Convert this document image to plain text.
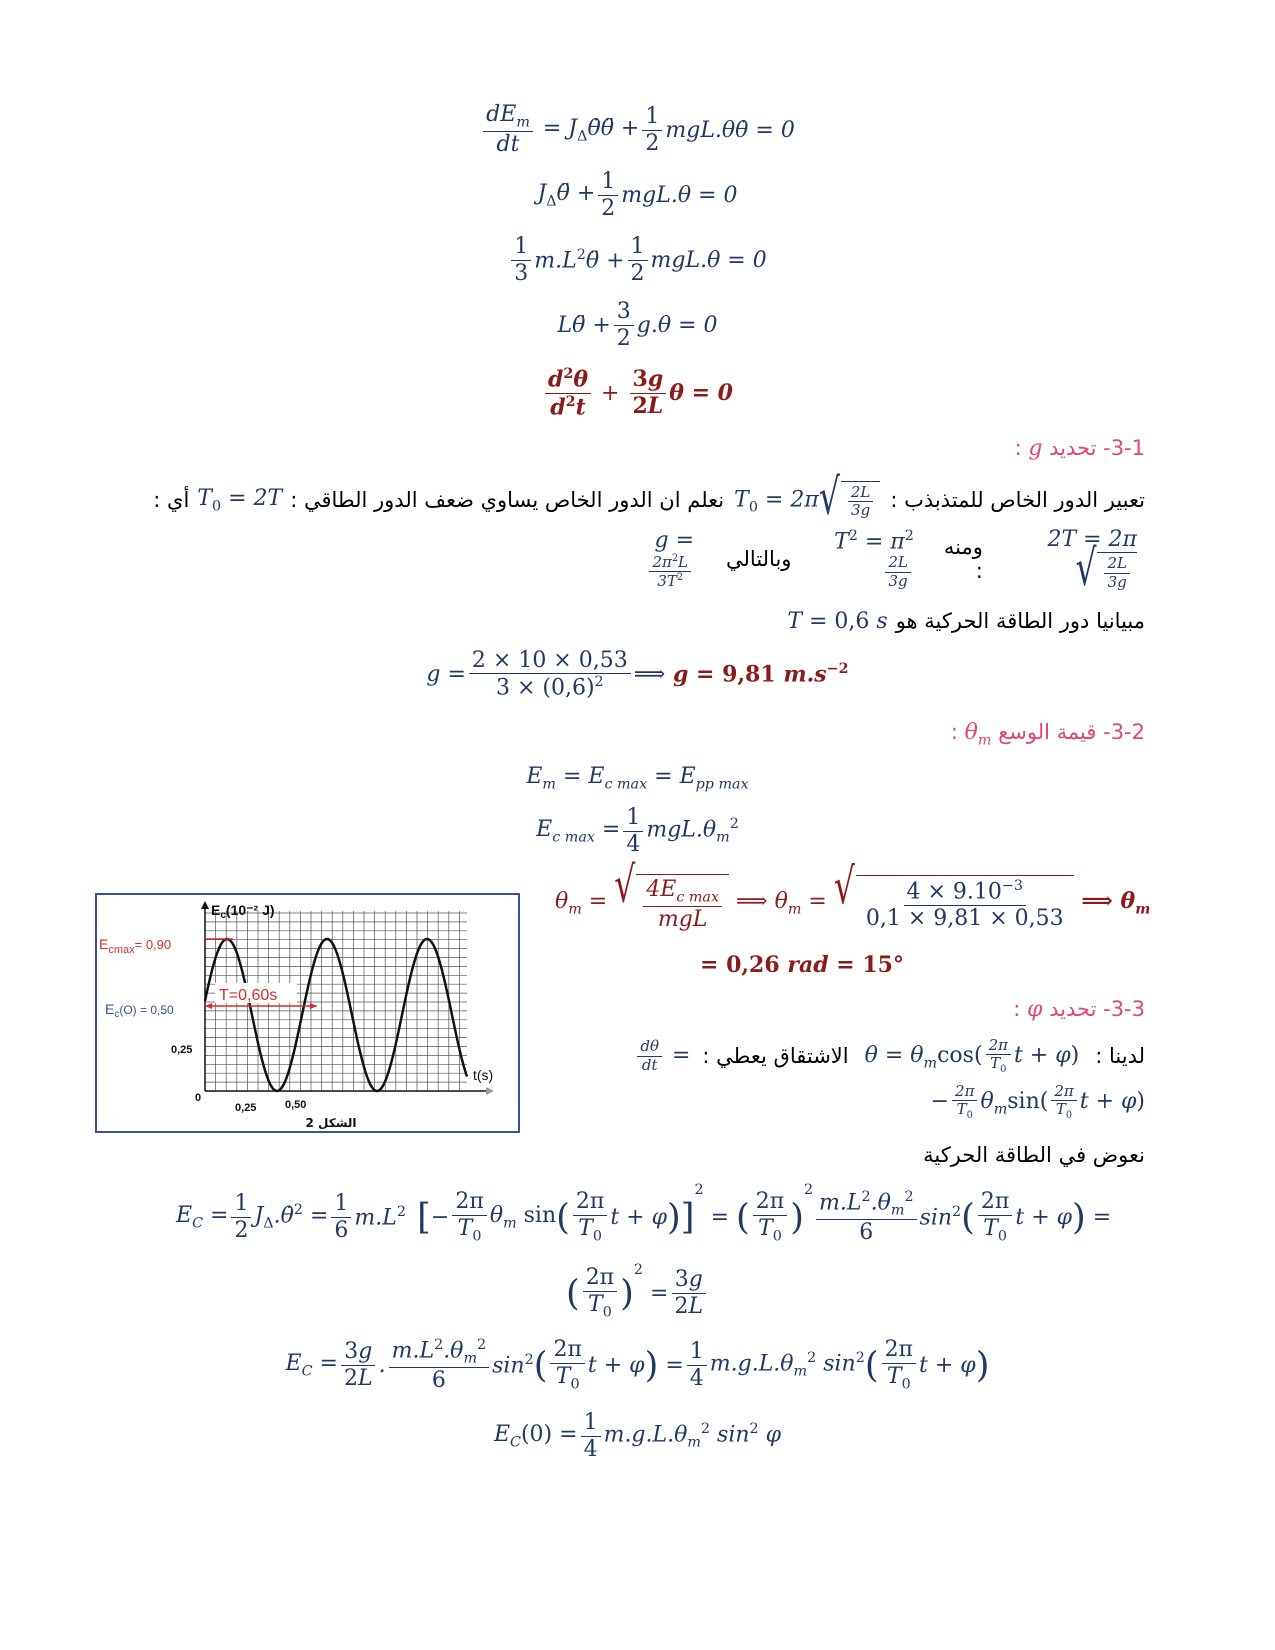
$\frac{dE_m}{dt}$ = $J_\Delta\thetȧ\thetä + \frac{1}{2}$ mgL.θθ̇ = 0
$J_\Delta\thetä + \frac{1}{2} mgL.\theta = 0$
$\frac{1}{3}$ $m.L^2\thetä + \frac{1}{2} mgL.\theta = 0$
Lθ̈ + $\frac{3}{2} g.\theta = 0$
$\frac{d^2\theta}{d^2t} + \frac{3g}{2L}$ θ = 0
3-1- تحديد g :
تعبير الدور الخاص للمتذبذب :
$T_0 = 2\pi$ √ $\frac{2L}{3g}$
نعلم ان الدور الخاص يساوي ضعف الدور الطاقي :
$T_0 = 2T$
أي :
2T = 2π
√ $\frac{2L}{3g}$
ومنه :
$T^2 = \pi^2$
$\frac{2L}{3g}$
وبالتالي
g =
$\frac{2\pi^2L}{3T^2}$
مبيانيا دور الطاقة الحركية هو
T = 0,6 s
$g = \frac{2 \times 10 \times 0,53}{3 \times (0,6)^2}$ ⟹ g = 9,81 $m.s^{-2}$
3-2- قيمة الوسع $\theta_m$ :
$E_m = E_{c max} = E_{pp max}$
$E_{c max} = \frac{1}{4} mgL.\theta_m^2$
$\theta_m$ = √ $\frac{4E_{c max}}{\text{mgL}}$ ⟹ $\theta_m$ = √ $\frac{4 \times 9.10^{-3}}{0,1 \times 9,81 \times 0,53}$ ⟹ $\theta_m$
= 0,26 rad = 15°
T=0,60s
$E_c(10^{-2}$ J)
$E_{cmax}= 0,90$
$E_c(O) = 0,50$
0,25
0
0,25	0,50
t(s)
الشكل 2
3-3- تحديد φ :
لدينا :
$\theta = \theta_m\cos( \frac{2\pi}{T_0}$ t + φ)
الاشتقاق يعطي :
$\frac{d\theta}{dt}$ =
− $\frac{2\pi}{T_0} \theta_m\sin( \frac{2\pi}{T_0}$ t + φ)
نعوض في الطاقة الحركية
$E_C = \frac{1}{2}$ $J_\Delta.\thetȧ^2 = \frac{1}{6} m.L^2$ [ − $\frac{2\pi}{T_0} \theta_m$ sin ( $\frac{2\pi}{T_0}$ t + φ ) ]
$^2$
= ( $\frac{2\pi}{T_0}$ )
$^2 \frac{m.L^2.\theta_m^2}{6} \sin^2$ ( $\frac{2\pi}{T_0}$ t + φ ) =
( $\frac{2\pi}{T_0}$ )
$^2$
= $\frac{3g}{2L}$
$E_C = \frac{3g}{2L}$ . $\frac{m.L^2.\theta_m^2}{6} \sin^2$ ( $\frac{2\pi}{T_0}$ t + φ ) = $\frac{1}{4} m.g.L.\theta_m^2$ $\sin^2$ ( $\frac{2\pi}{T_0}$ t + φ )
$E_C(0) = \frac{1}{4} m.g.L.\theta_m^2$ $\sin^2 \varphi$
